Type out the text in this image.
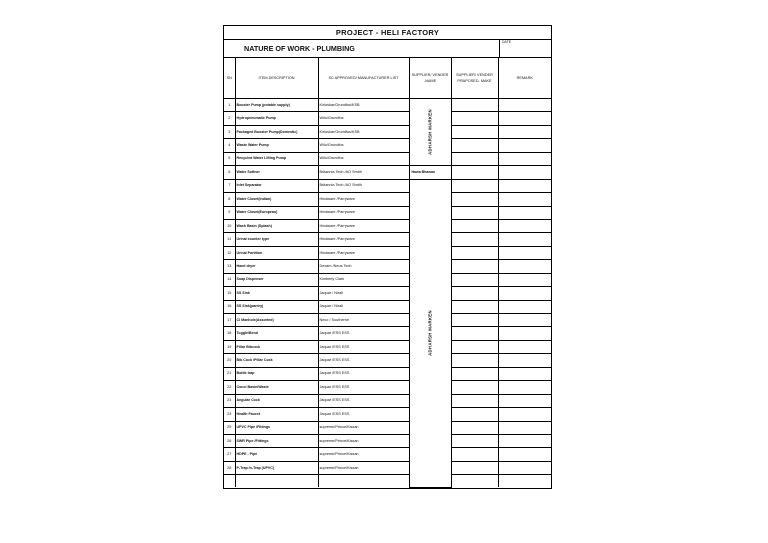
PROJECT - HELI FACTORY
NATURE OF WORK - PLUMBING
DATE
SN	ITEM DESCRIPTION	SC APPROVED/ MANUFACTURER LIST	SUPPLIER/ VENDER -NAME	SUPPLIER/ VENDER PRAPOSED- MAKE	REMARK
1	Booster Pump (potable supply)	Kirloskar/Grundfos/KSB	ADHARSH MARKEN		

2	Hydropneumatic Pump	Wilo/Grundfos			
3	Packaged Booster Pump(Domestic)	Kirloskar/Grundfos/KSB			
4	Waste Water Pump	Wilo/Grundfos			
5	Recycled Water Lifting Pump	Wilo/Grundfos			
6	Water Softner	Britannia Tech /AO Smith	Hawa Bhawan		
7	Inlet Separator	Britannia Tech /AO Smith	ADHARSH MARKEN		

8	Water Closet(Indian)	Hindware /Parryware			
9	Water Closet(European)	Hindware /Parryware			
10	Wash Basin (Splash)	Hindware /Parryware			
11	Urinal counter type	Hindware /Parryware			
12	Urinal Partition	Hindware /Parryware			
13	Hand dryer	Dexam /Neus Tech			
14	Soap Dispenser	Kimberly Clark			
15	SS Sink	Jaquar / Nirali			
16	SS Sink(pantry)	Jaquar / Nirali			
17	CI Manhole(Assorted)	Neco / Southerne			
18	Toggle/Bend	Jaquar /ESS ESS			
19	Pillar Bibcock	Jaquar /ESS ESS			
20	Bib Cock /Pillar Cock	Jaquar /ESS ESS			
21	Bottle trap	Jaquar /ESS ESS			
22	Concl Basin/Waste	Jaquar /ESS ESS			
23	Angular Cock	Jaquar /ESS ESS			
24	Health Faucet	Jaquar /ESS ESS			
25	UPVC Pipe /Fittings	supreme/Prince/Kissan			
26	SWR Pipe /Fittings	supreme/Prince/Kissan			
27	HDPE - Pipe	supreme/Prince/Kissan			
28	P-Trap /n-Trap (UPVC)	supreme/Prince/Kissan			
